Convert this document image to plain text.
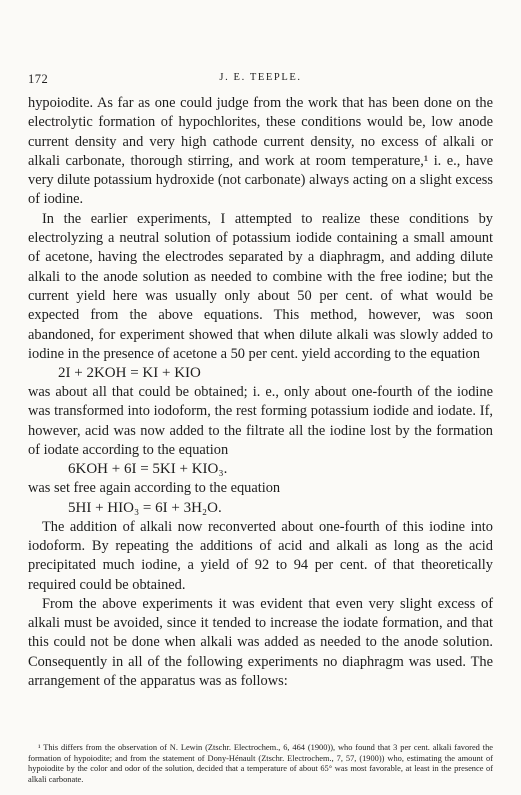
172	J. E. TEEPLE.

hypoiodite. As far as one could judge from the work that has been done on the electrolytic formation of hypochlorites, these conditions would be, low anode current density and very high cathode current density, no excess of alkali or alkali carbonate, thorough stirring, and work at room temperature,¹ i. e., have very dilute potassium hydroxide (not carbonate) always acting on a slight excess of iodine.

In the earlier experiments, I attempted to realize these conditions by electrolyzing a neutral solution of potassium iodide containing a small amount of acetone, having the electrodes separated by a diaphragm, and adding dilute alkali to the anode solution as needed to combine with the free iodine; but the current yield here was usually only about 50 per cent. of what would be expected from the above equations. This method, however, was soon abandoned, for experiment showed that when dilute alkali was slowly added to iodine in the presence of acetone a 50 per cent. yield according to the equation

2I + 2KOH = KI + KIO

was about all that could be obtained; i. e., only about one-fourth of the iodine was transformed into iodoform, the rest forming potassium iodide and iodate. If, however, acid was now added to the filtrate all the iodine lost by the formation of iodate according to the equation

6KOH + 6I = 5KI + KIO₃.

was set free again according to the equation

5HI + HIO₃ = 6I + 3H₂O.

The addition of alkali now reconverted about one-fourth of this iodine into iodoform. By repeating the additions of acid and alkali as long as the acid precipitated much iodine, a yield of 92 to 94 per cent. of that theoretically required could be obtained.

From the above experiments it was evident that even very slight excess of alkali must be avoided, since it tended to increase the iodate formation, and that this could not be done when alkali was added as needed to the anode solution. Consequently in all of the following experiments no diaphragm was used. The arrangement of the apparatus was as follows:

¹ This differs from the observation of N. Lewin (Ztschr. Electrochem., 6, 464 (1900)), who found that 3 per cent. alkali favored the formation of hypoiodite; and from the statement of Dony-Hénault (Ztschr. Electrochem., 7, 57, (1900)) who, estimating the amount of hypoiodite by the color and odor of the solution, decided that a temperature of about 65° was most favorable, at least in the presence of alkali carbonate.
